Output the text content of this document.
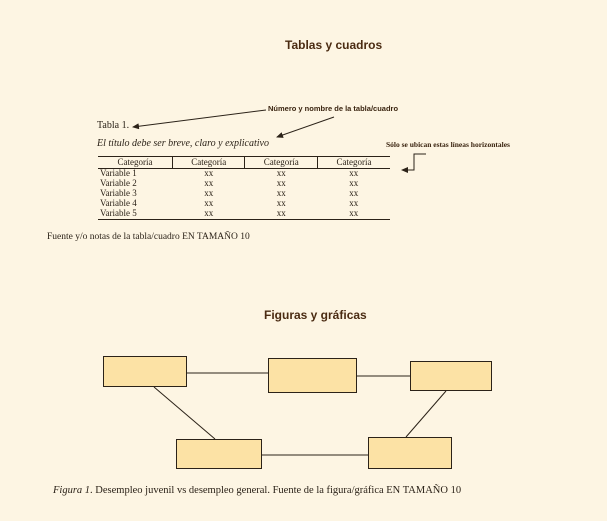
Tablas y cuadros
Número y nombre de la tabla/cuadro
Sólo se ubican estas líneas horizontales
Tabla 1.
El título debe ser breve, claro y explicativo
Categoría	Categoría	Categoría	Categoría
Variable 1	xx	xx	xx
Variable 2	xx	xx	xx
Variable 3	xx	xx	xx
Variable 4	xx	xx	xx
Variable 5	xx	xx	xx
Fuente y/o notas de la tabla/cuadro EN TAMAÑO 10
Figuras y gráficas
Figura 1. Desempleo juvenil vs desempleo general. Fuente de la figura/gráfica EN TAMAÑO 10
